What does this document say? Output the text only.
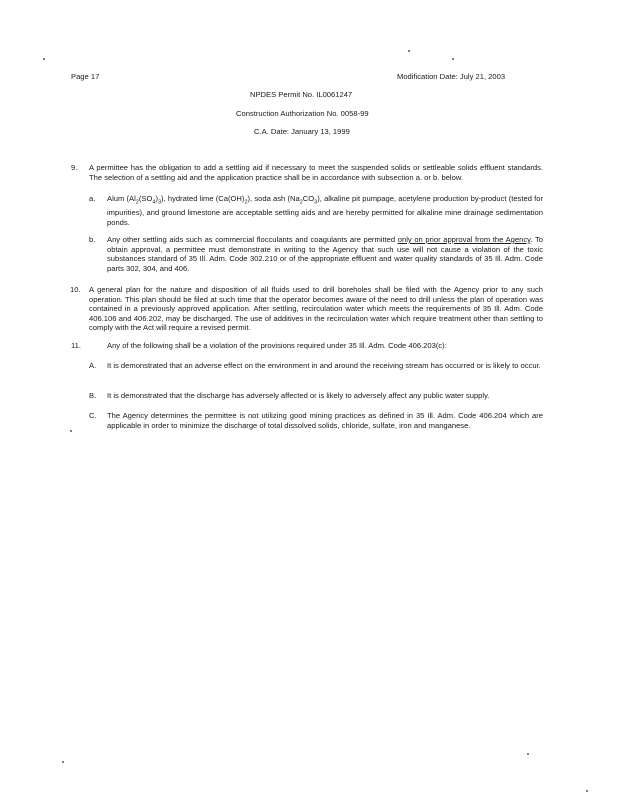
Page 17	Modification Date: July 21, 2003
NPDES Permit No. IL0061247
Construction Authorization No. 0058-99
C.A. Date: January 13, 1999
9. A permittee has the obligation to add a settling aid if necessary to meet the suspended solids or settleable solids effluent standards. The selection of a settling aid and the application practice shall be in accordance with subsection a. or b. below.
a. Alum $(Al_2(SO_4)_3)$, hydrated lime $(Ca(OH)_2)$, soda ash $(Na_2CO_3)$, alkaline pit pumpage, acetylene production by-product (tested for impurities), and ground limestone are acceptable settling aids and are hereby permitted for alkaline mine drainage sedimentation ponds.
b. Any other settling aids such as commercial flocculants and coagulants are permitted only on prior approval from the Agency. To obtain approval, a permittee must demonstrate in writing to the Agency that such use will not cause a violation of the toxic substances standard of 35 Ill. Adm. Code 302.210 or of the appropriate effluent and water quality standards of 35 Ill. Adm. Code parts 302, 304, and 406.
10. A general plan for the nature and disposition of all fluids used to drill boreholes shall be filed with the Agency prior to any such operation. This plan should be filed at such time that the operator becomes aware of the need to drill unless the plan of operation was contained in a previously approved application. After settling, recirculation water which meets the requirements of 35 Ill. Adm. Code 406.106 and 406.202, may be discharged. The use of additives in the recirculation water which require treatment other than settling to comply with the Act will require a revised permit.
11.	Any of the following shall be a violation of the provisions required under 35 Ill. Adm. Code 406.203(c):
A. It is demonstrated that an adverse effect on the environment in and around the receiving stream has occurred or is likely to occur.
B. It is demonstrated that the discharge has adversely affected or is likely to adversely affect any public water supply.
C. The Agency determines the permittee is not utilizing good mining practices as defined in 35 Ill. Adm. Code 406.204 which are applicable in order to minimize the discharge of total dissolved solids, chloride, sulfate, iron and manganese.
